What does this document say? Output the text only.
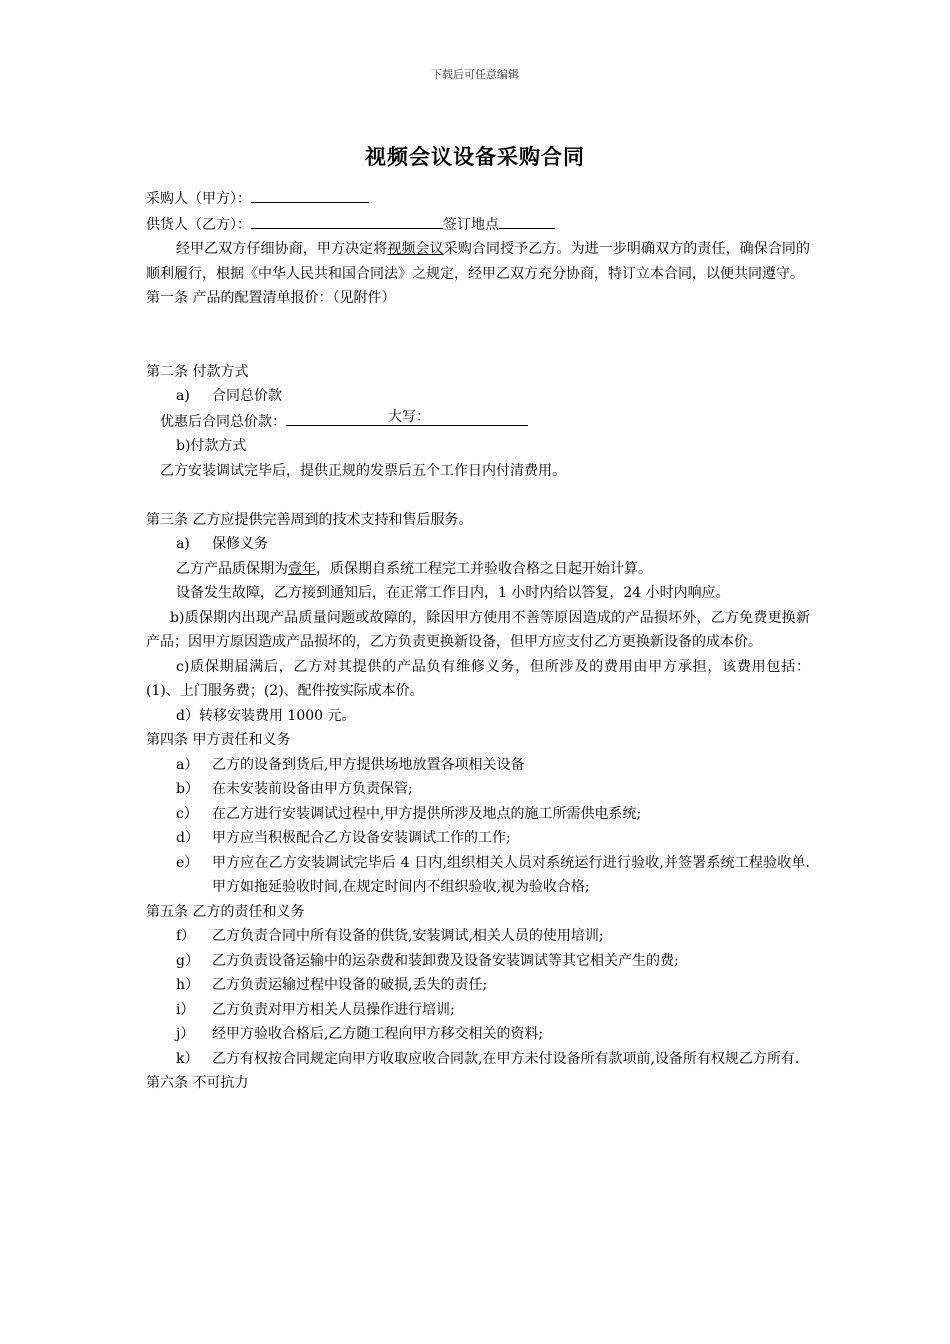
下载后可任意编辑
视频会议设备采购合同
采购人（甲方）：
供货人（乙方）：	签订地点
经甲乙双方仔细协商，甲方决定将视频会议采购合同授予乙方。为进一步明确双方的责任，确保合同的顺利履行，根据《中华人民共和国合同法》之规定，经甲乙双方充分协商，特订立本合同，以便共同遵守。
第一条 产品的配置清单报价：（见附件）
第二条 付款方式
a) 合同总价款
优惠后合同总价款：	大写：
b)付款方式
乙方安装调试完毕后，提供正规的发票后五个工作日内付清费用。
第三条 乙方应提供完善周到的技术支持和售后服务。
a) 保修义务
乙方产品质保期为壹年，质保期自系统工程完工并验收合格之日起开始计算。
设备发生故障，乙方接到通知后，在正常工作日内，1 小时内给以答复，24 小时内响应。
b)质保期内出现产品质量问题或故障的，除因甲方使用不善等原因造成的产品损坏外，乙方免费更换新产品；因甲方原因造成产品损坏的，乙方负责更换新设备，但甲方应支付乙方更换新设备的成本价。
c)质保期届满后，乙方对其提供的产品负有维修义务，但所涉及的费用由甲方承担，该费用包括：(1)、上门服务费；(2)、配件按实际成本价。
d）转移安装费用 1000 元。
第四条 甲方责任和义务
a） 乙方的设备到货后,甲方提供场地放置各项相关设备
b） 在未安装前设备由甲方负责保管;
c）	在乙方进行安装调试过程中,甲方提供所涉及地点的施工所需供电系统;
d） 甲方应当积极配合乙方设备安装调试工作的工作;
e） 甲方应在乙方安装调试完毕后 4 日内,组织相关人员对系统运行进行验收,并签署系统工程验收单.甲方如拖延验收时间,在规定时间内不组织验收,视为验收合格;
第五条 乙方的责任和义务
f）	乙方负责合同中所有设备的供货,安装调试,相关人员的使用培训;
g） 乙方负责设备运输中的运杂费和装卸费及设备安装调试等其它相关产生的费;
h） 乙方负责运输过程中设备的破损,丢失的责任;
i）	乙方负责对甲方相关人员操作进行培训;
j）	经甲方验收合格后,乙方随工程向甲方移交相关的资料;
k） 乙方有权按合同规定向甲方收取应收合同款,在甲方未付设备所有款项前,设备所有权规乙方所有.
第六条 不可抗力
